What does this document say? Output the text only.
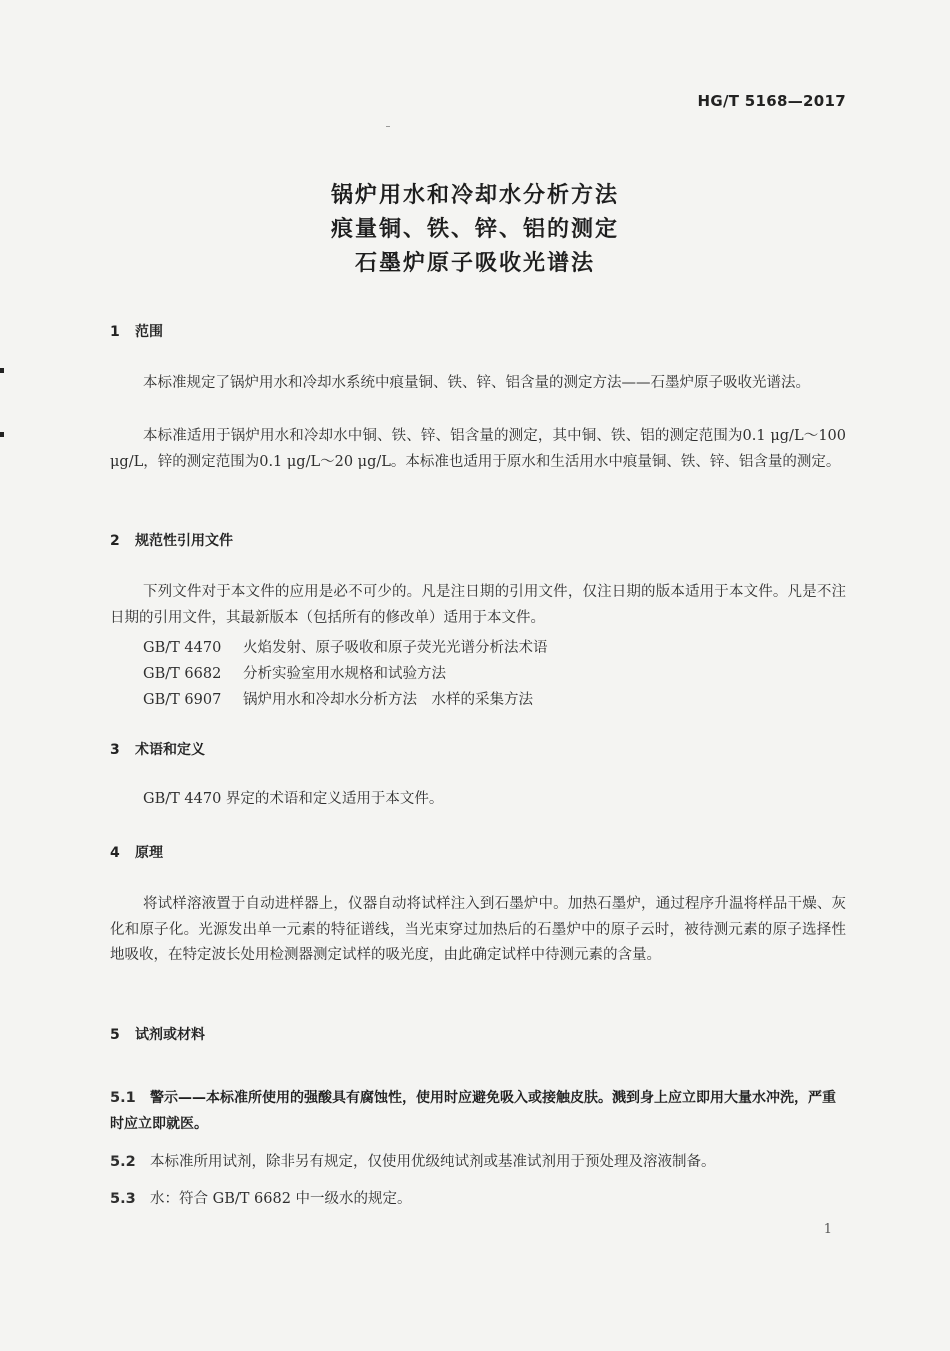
HG/T 5168—2017
锅炉用水和冷却水分析方法
痕量铜、铁、锌、铝的测定
石墨炉原子吸收光谱法
1 范围
本标准规定了锅炉用水和冷却水系统中痕量铜、铁、锌、铝含量的测定方法——石墨炉原子吸收光谱法。
本标准适用于锅炉用水和冷却水中铜、铁、锌、铝含量的测定，其中铜、铁、铝的测定范围为0.1 μg/L～100 μg/L，锌的测定范围为0.1 μg/L～20 μg/L。本标准也适用于原水和生活用水中痕量铜、铁、锌、铝含量的测定。
2 规范性引用文件
下列文件对于本文件的应用是必不可少的。凡是注日期的引用文件，仅注日期的版本适用于本文件。凡是不注日期的引用文件，其最新版本（包括所有的修改单）适用于本文件。
GB/T 4470 火焰发射、原子吸收和原子荧光光谱分析法术语
GB/T 6682 分析实验室用水规格和试验方法
GB/T 6907 锅炉用水和冷却水分析方法　水样的采集方法
3 术语和定义
GB/T 4470 界定的术语和定义适用于本文件。
4 原理
将试样溶液置于自动进样器上，仪器自动将试样注入到石墨炉中。加热石墨炉，通过程序升温将样品干燥、灰化和原子化。光源发出单一元素的特征谱线，当光束穿过加热后的石墨炉中的原子云时，被待测元素的原子选择性地吸收，在特定波长处用检测器测定试样的吸光度，由此确定试样中待测元素的含量。
5 试剂或材料
5.1 警示——本标准所使用的强酸具有腐蚀性，使用时应避免吸入或接触皮肤。溅到身上应立即用大量水冲洗，严重时应立即就医。
5.2 本标准所用试剂，除非另有规定，仅使用优级纯试剂或基准试剂用于预处理及溶液制备。
5.3 水：符合 GB/T 6682 中一级水的规定。
1
